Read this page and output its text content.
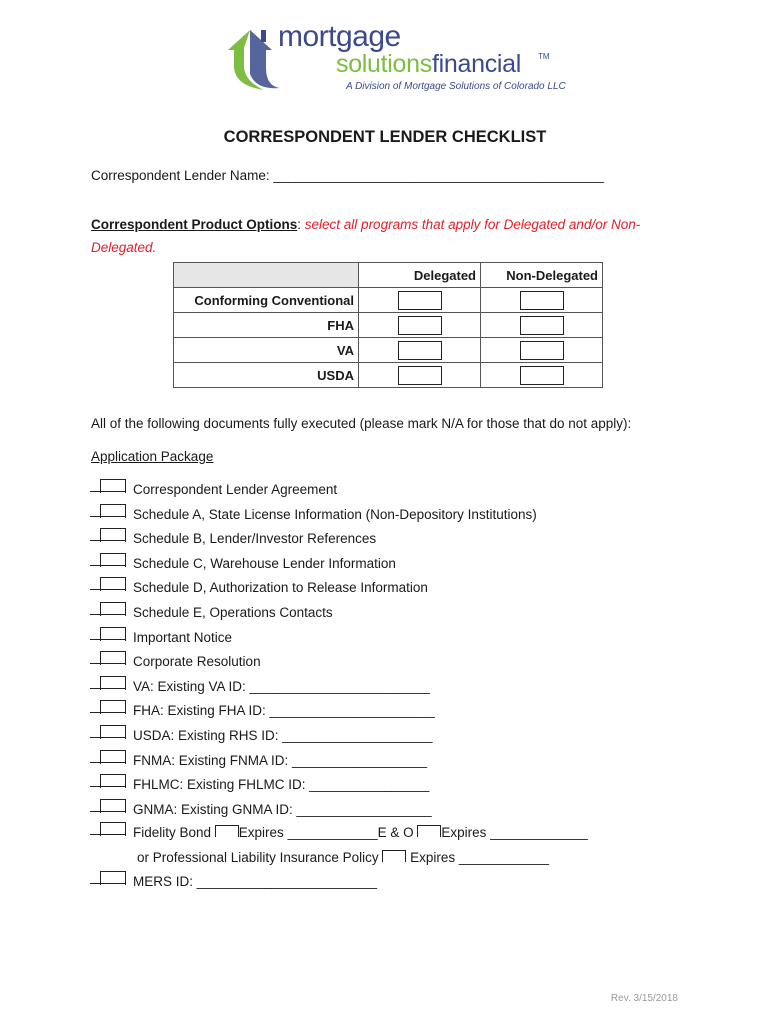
mortgage
solutionsfinancial TM
A Division of Mortgage Solutions of Colorado LLC
CORRESPONDENT LENDER CHECKLIST
Correspondent Lender Name: ____________________________________________
Correspondent Product Options: select all programs that apply for Delegated and/or Non-
Delegated.
	Delegated	Non-Delegated
Conforming Conventional	

FHA	

VA	

USDA	

All of the following documents fully executed (please mark N/A for those that do not apply):
Application Package
Correspondent Lender Agreement
Schedule A, State License Information (Non-Depository Institutions)
Schedule B, Lender/Investor References
Schedule C, Warehouse Lender Information
Schedule D, Authorization to Release Information
Schedule E, Operations Contacts
Important Notice
Corporate Resolution
VA: Existing VA ID: ________________________
FHA: Existing FHA ID: ______________________
USDA: Existing RHS ID: ____________________
FNMA: Existing FNMA ID: __________________
FHLMC: Existing FHLMC ID: ________________
GNMA: Existing GNMA ID: __________________
Fidelity Bond Expires ____________E & O Expires _____________
or Professional Liability Insurance Policy  Expires ____________
MERS ID: ________________________
Rev. 3/15/2018
